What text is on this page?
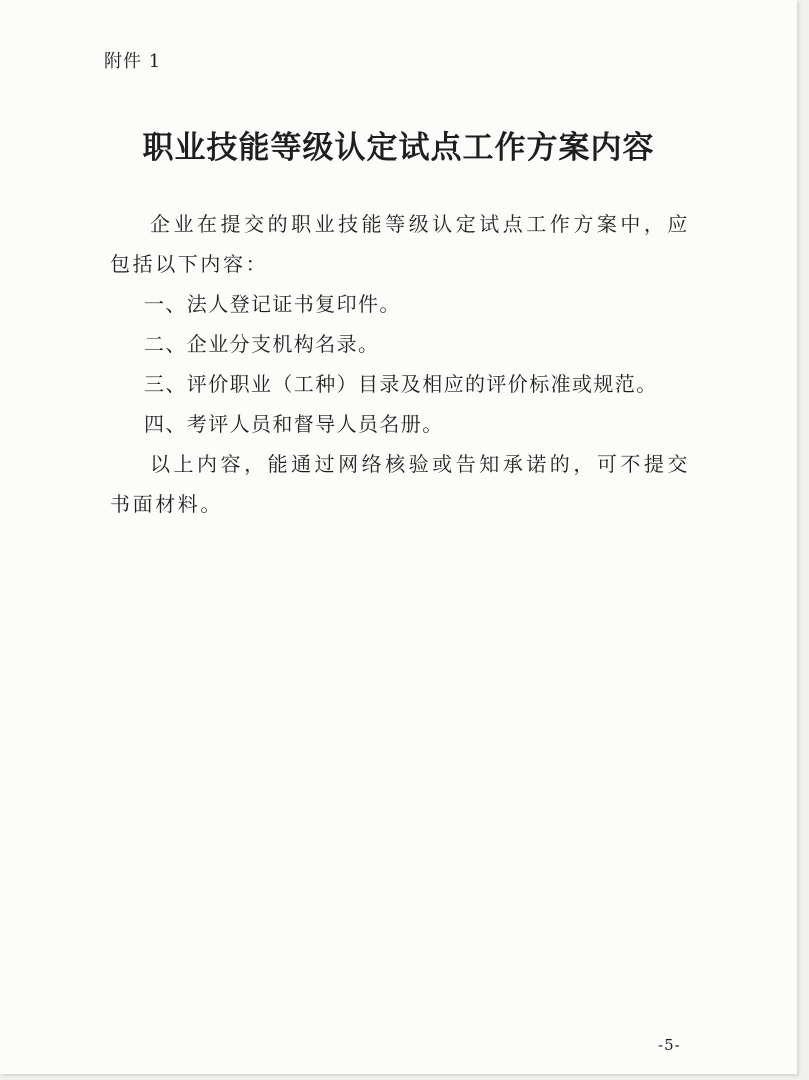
附件 1
职业技能等级认定试点工作方案内容

企业在提交的职业技能等级认定试点工作方案中，应包括以下内容：

一、法人登记证书复印件。
二、企业分支机构名录。
三、评价职业（工种）目录及相应的评价标准或规范。
四、考评人员和督导人员名册。

以上内容，能通过网络核验或告知承诺的，可不提交书面材料。

-5-
